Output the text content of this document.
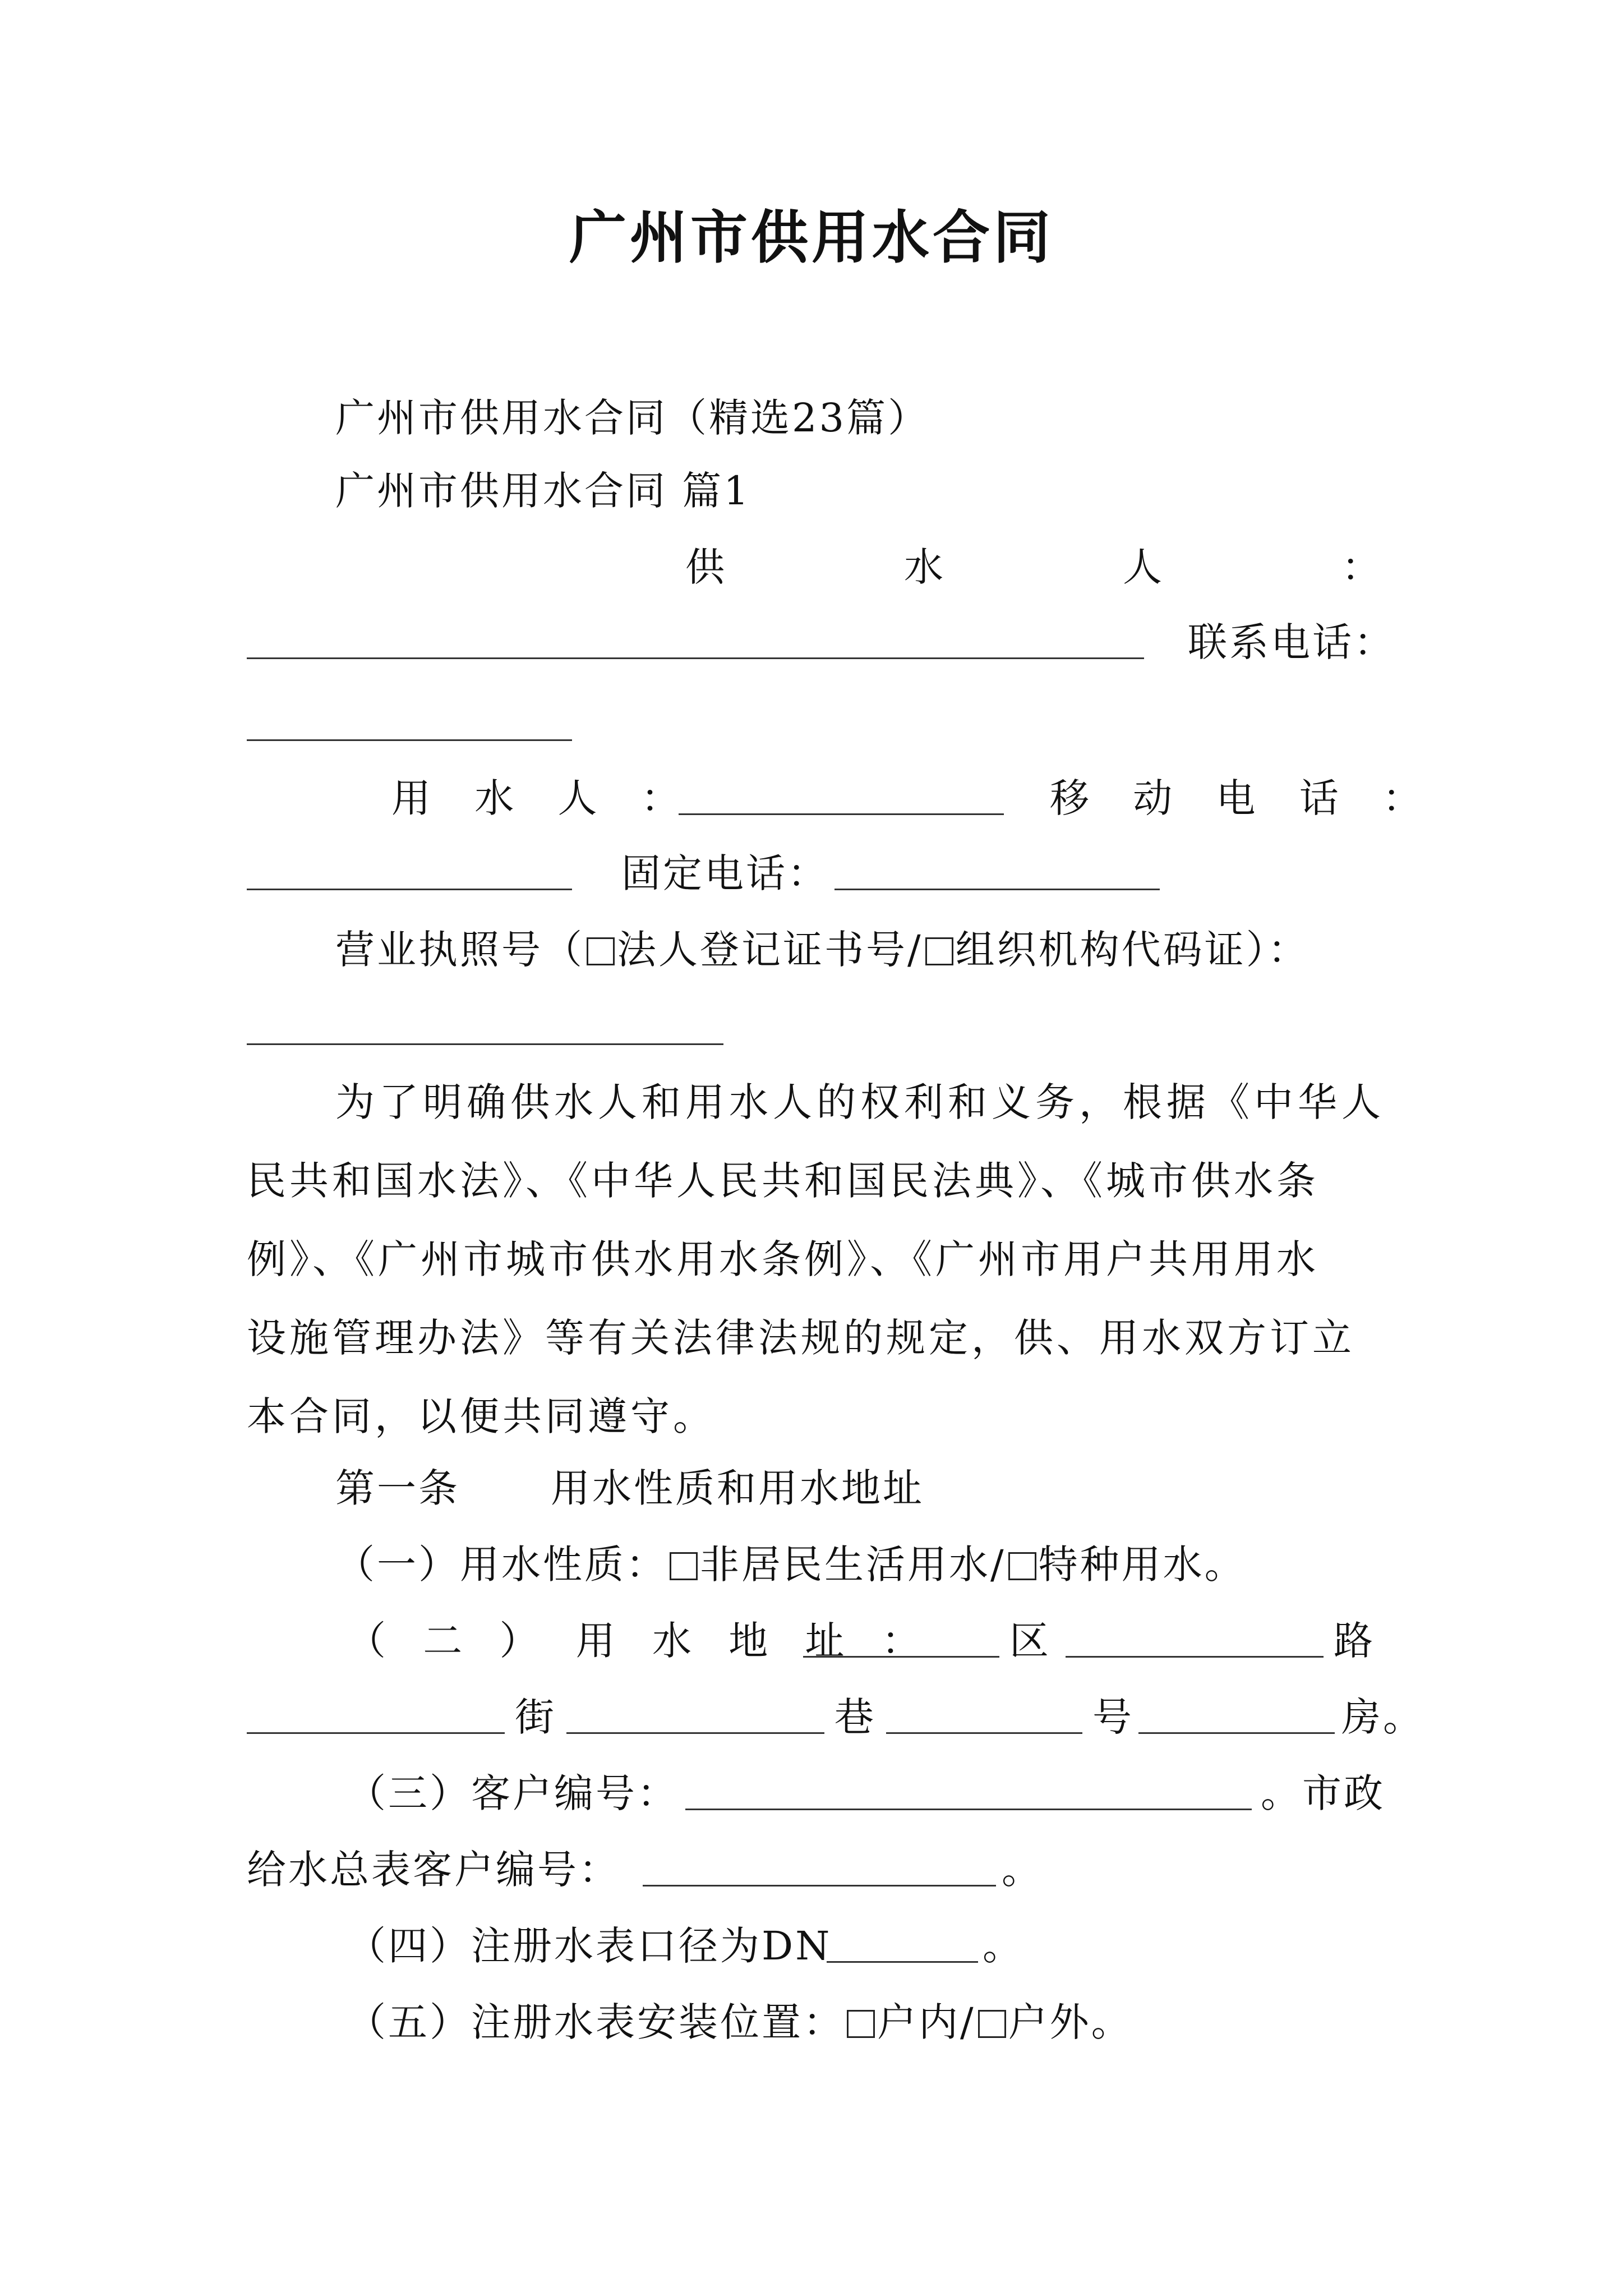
广州市供用水合同
广州市供用水合同（精选23篇）
广州市供用水合同 篇1
供	水	人	：
联系电话：
用 水 人 ：	移 动 电 话 ：
固定电话：
营业执照号（ 法人登记证书号/ 组织机构代码证）：
为了明确供水人和用水人的权利和义务，根据《中华人
民共和国水法》、《中华人民共和国民法典》、《城市供水条
例》、《广州市城市供水用水条例》、《广州市用户共用用水
设施管理办法》等有关法律法规的规定，供、用水双方订立
本合同，以便共同遵守。
第一条 用水性质和用水地址
（一）用水性质： 非居民生活用水/ 特种用水。
（ 二 ） 用 水 地 址 ： 区	路
街	巷	号	房。
（三）客户编号：	。市政
给水总表客户编号：	。
（四）注册水表口径为DN	。
（五）注册水表安装位置： 户内/ 户外。
